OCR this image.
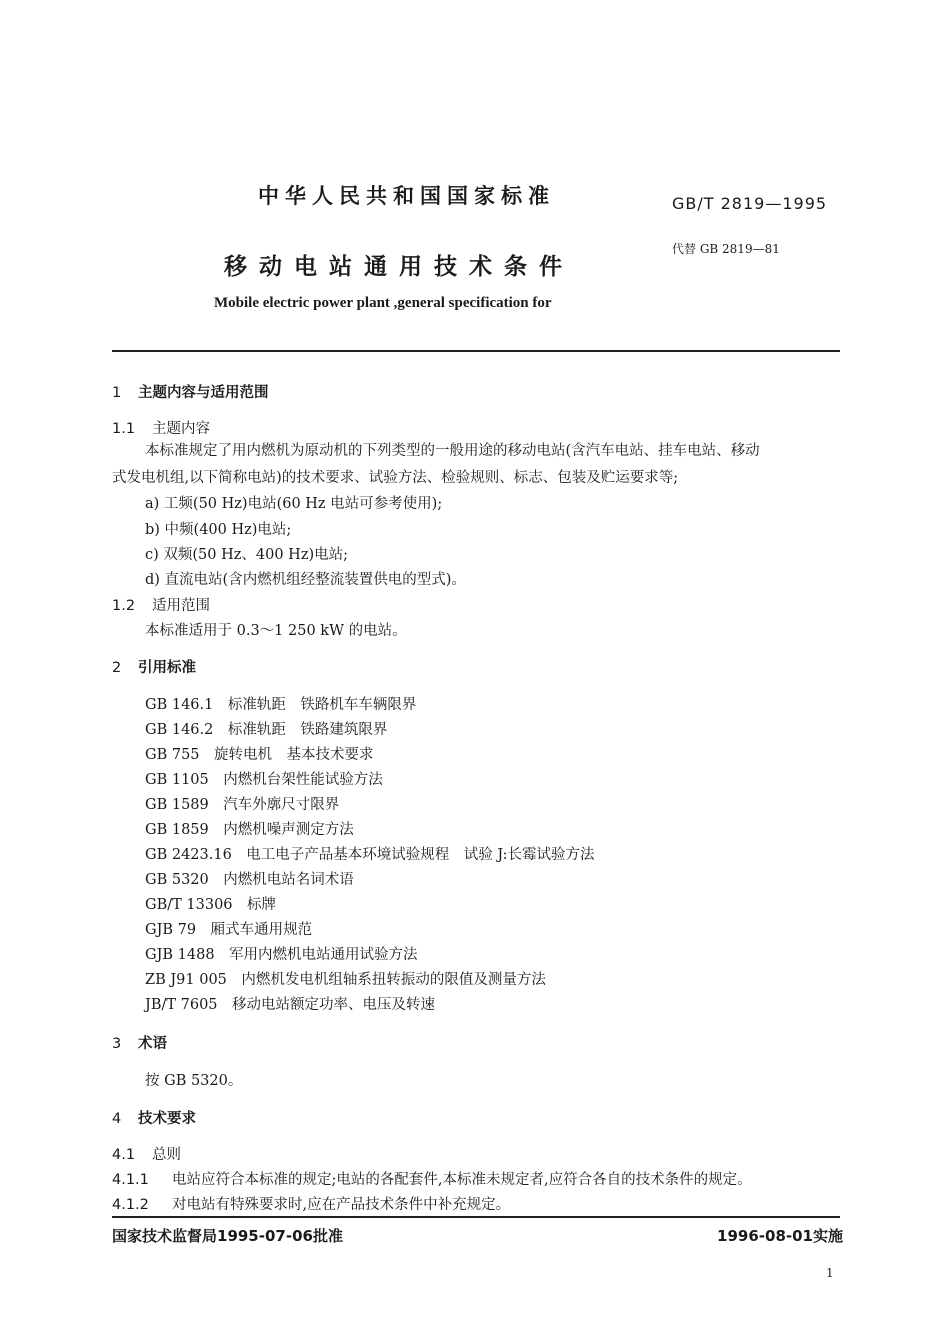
中华人民共和国国家标准	GB/T 2819—1995
代替 GB 2819—81
移动电站通用技术条件
Mobile electric power plant ,general specification for
1 主题内容与适用范围
1.1 主题内容
本标准规定了用内燃机为原动机的下列类型的一般用途的移动电站(含汽车电站、挂车电站、移动
式发电机组,以下简称电站)的技术要求、试验方法、检验规则、标志、包装及贮运要求等;
a) 工频(50 Hz)电站(60 Hz 电站可参考使用);
b) 中频(400 Hz)电站;
c) 双频(50 Hz、400 Hz)电站;
d) 直流电站(含内燃机组经整流装置供电的型式)。
1.2 适用范围
本标准适用于 0.3～1 250 kW 的电站。
2 引用标准
GB 146.1　标准轨距　铁路机车车辆限界
GB 146.2　标准轨距　铁路建筑限界
GB 755　旋转电机　基本技术要求
GB 1105　内燃机台架性能试验方法
GB 1589　汽车外廓尺寸限界
GB 1859　内燃机噪声测定方法
GB 2423.16　电工电子产品基本环境试验规程　试验 J:长霉试验方法
GB 5320　内燃机电站名词术语
GB/T 13306　标牌
GJB 79　厢式车通用规范
GJB 1488　军用内燃机电站通用试验方法
ZB J91 005　内燃机发电机组轴系扭转振动的限值及测量方法
JB/T 7605　移动电站额定功率、电压及转速
3 术语
按 GB 5320。
4 技术要求
4.1 总则
4.1.1 电站应符合本标准的规定;电站的各配套件,本标准未规定者,应符合各自的技术条件的规定。
4.1.2 对电站有特殊要求时,应在产品技术条件中补充规定。
国家技术监督局1995-07-06批准	1996-08-01实施
1
